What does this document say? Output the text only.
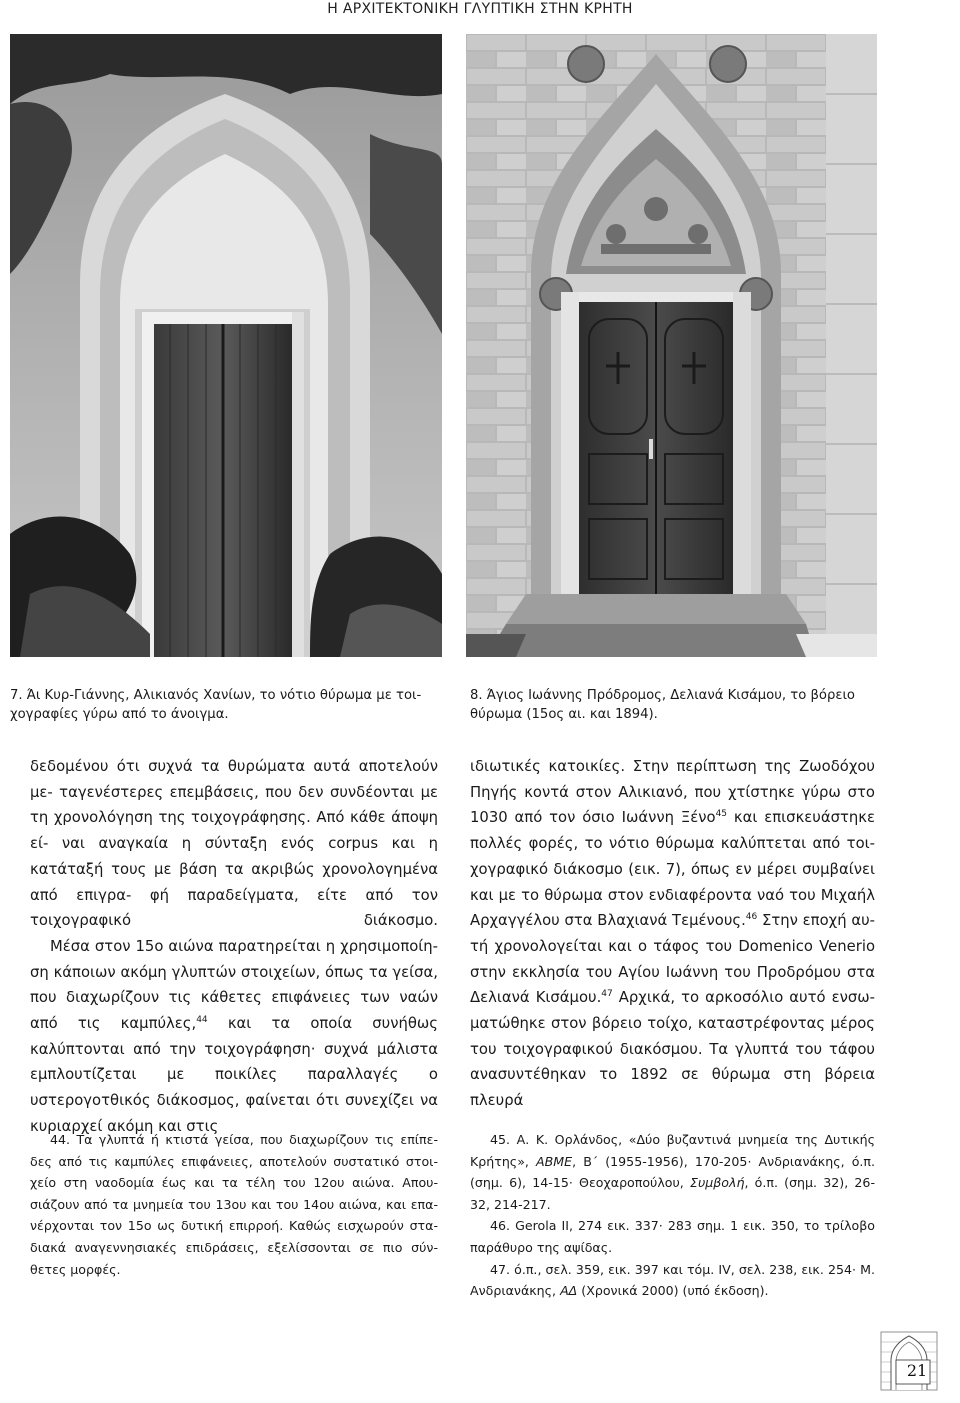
Η ΑΡΧΙΤΕΚΤΟΝΙΚΗ ΓΛΥΠΤΙΚΗ ΣΤΗΝ ΚΡΗΤΗ
7. Άι Κυρ-Γιάννης, Αλικιανός Χανίων, το νότιο θύρωμα με τοι-
χογραφίες γύρω από το άνοιγμα.
8. Άγιος Ιωάννης Πρόδρομος, Δελιανά Κισάμου, το βόρειο
θύρωμα (15ος αι. και 1894).

δεδομένου ότι συχνά τα θυρώματα αυτά αποτελούν με- ταγενέστερες επεμβάσεις, που δεν συνδέονται με τη χρονολόγηση της τοιχογράφησης. Από κάθε άποψη εί- ναι αναγκαία η σύνταξη ενός corpus και η κατάταξή τους με βάση τα ακριβώς χρονολογημένα από επιγρα- φή παραδείγματα, είτε από τον τοιχογραφικό διάκοσμο.

Μέσα στον 15ο αιώνα παρατηρείται η χρησιμοποίη- ση κάποιων ακόμη γλυπτών στοιχείων, όπως τα γείσα, που διαχωρίζουν τις κάθετες επιφάνειες των ναών από τις καμπύλες,$^{44}$ και τα οποία συνήθως καλύπτονται από την τοιχογράφηση· συχνά μάλιστα εμπλουτίζεται με ποικίλες παραλλαγές ο υστερογοτθικός διάκοσμος, φαίνεται ότι συνεχίζει να κυριαρχεί ακόμη και στις

ιδιωτικές κατοικίες. Στην περίπτωση της Ζωοδόχου Πηγής κοντά στον Αλικιανό, που χτίστηκε γύρω στο 1030 από τον όσιο Ιωάννη Ξένο$^{45}$ και επισκευάστηκε πολλές φορές, το νότιο θύρωμα καλύπτεται από τοι- χογραφικό διάκοσμο (εικ. 7), όπως εν μέρει συμβαίνει και με το θύρωμα στον ενδιαφέροντα ναό του Μιχαήλ Αρχαγγέλου στα Βλαχιανά Τεμένους.$^{46}$ Στην εποχή αυ- τή χρονολογείται και ο τάφος του Domenico Venerio στην εκκλησία του Αγίου Ιωάννη του Προδρόμου στα Δελιανά Κισάμου.$^{47}$ Αρχικά, το αρκοσόλιο αυτό ενσω- ματώθηκε στον βόρειο τοίχο, καταστρέφοντας μέρος του τοιχογραφικού διακόσμου. Τα γλυπτά του τάφου ανασυντέθηκαν το 1892 σε θύρωμα στη βόρεια πλευρά

44. Τα γλυπτά ή κτιστά γείσα, που διαχωρίζουν τις επίπε- δες από τις καμπύλες επιφάνειες, αποτελούν συστατικό στοι- χείο στη ναοδομία έως και τα τέλη του 12ου αιώνα. Απου- σιάζουν από τα μνημεία του 13ου και του 14ου αιώνα, και επα- νέρχονται τον 15ο ως δυτική επιρροή. Καθώς εισχωρούν στα- διακά αναγεννησιακές επιδράσεις, εξελίσσονται σε πιο σύν- θετες μορφές.

45. Α. Κ. Ορλάνδος, «Δύο βυζαντινά μνημεία της Δυτικής Κρήτης», ΑΒΜΕ, Β΄ (1955-1956), 170-205· Ανδριανάκης, ό.π. (σημ. 6), 14-15· Θεοχαροπούλου, Συμβολή, ό.π. (σημ. 32), 26-32, 214-217.

46. Gerola II, 274 εικ. 337· 283 σημ. 1 εικ. 350, το τρίλοβο παράθυρο της αψίδας.

47. ό.π., σελ. 359, εικ. 397 και τόμ. IV, σελ. 238, εικ. 254· Μ. Ανδριανάκης, ΑΔ (Χρονικά 2000) (υπό έκδοση).

21
